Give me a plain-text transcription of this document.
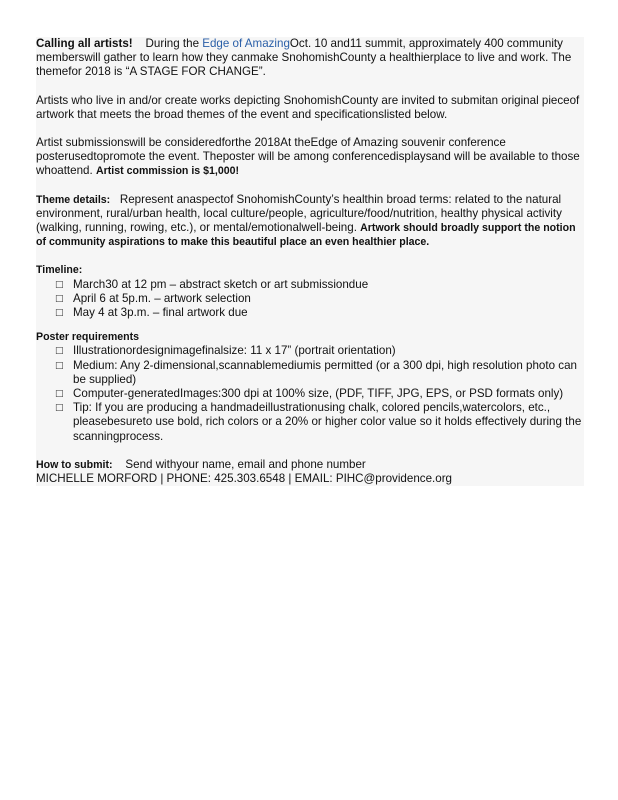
Calling all artists! During the Edge of AmazingOct. 10 and11 summit, approximately 400 community memberswill gather to learn how they canmake SnohomishCounty a healthierplace to live and work. The themefor 2018 is “A STAGE FOR CHANGE”.

Artists who live in and/or create works depicting SnohomishCounty are invited to submitan original pieceof artwork that meets the broad themes of the event and specificationslisted below.

Artist submissionswill be consideredforthe 2018At theEdge of Amazing souvenir conference posterusedtopromote the event. Theposter will be among conferencedisplaysand will be available to those whoattend. Artist commission is $1,000!

Theme details: Represent anaspectof SnohomishCounty’s healthin broad terms: related to the natural environment, rural/urban health, local culture/people, agriculture/food/nutrition, healthy physical activity (walking, running, rowing, etc.), or mental/emotionalwell-being. Artwork should broadly support the notion of community aspirations to make this beautiful place an even healthier place.

Timeline:

□ March30 at 12 pm – abstract sketch or art submissiondue
□ April 6 at 5p.m. – artwork selection
□ May 4 at 3p.m. – final artwork due

Poster requirements

□ Illustrationordesignimagefinalsize: 11 x 17” (portrait orientation)
□ Medium: Any 2-dimensional,scannablemediumis permitted (or a 300 dpi, high resolution photo can be supplied)
□ Computer-generatedImages:300 dpi at 100% size, (PDF, TIFF, JPG, EPS, or PSD formats only)
□ Tip: If you are producing a handmadeillustrationusing chalk, colored pencils,watercolors, etc., pleasebesureto use bold, rich colors or a 20% or higher color value so it holds effectively during the scanningprocess.

How to submit: Send withyour name, email and phone number

MICHELLE MORFORD | PHONE: 425.303.6548 | EMAIL: PIHC@providence.org
